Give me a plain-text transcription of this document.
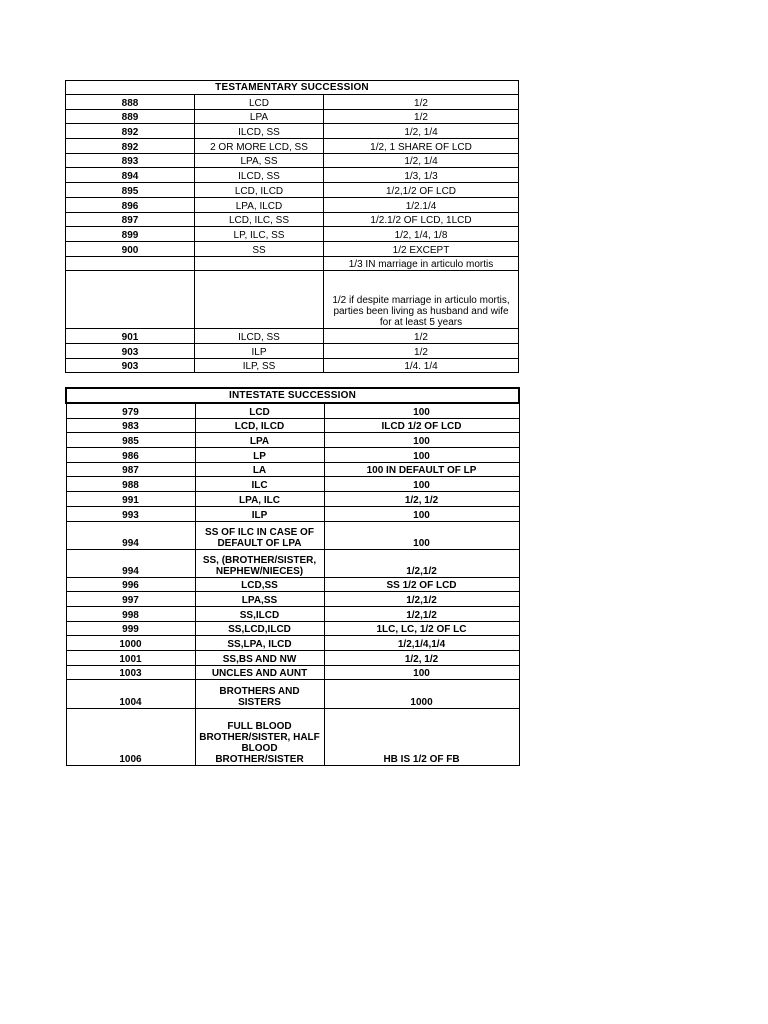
TESTAMENTARY SUCCESSION		
888	LCD	1/2
889	LPA	1/2
892	ILCD, SS	1/2, 1/4
892	2 OR MORE LCD, SS	1/2, 1 SHARE OF LCD
893	LPA, SS	1/2, 1/4
894	ILCD, SS	1/3, 1/3
895	LCD, ILCD	1/2,1/2 OF LCD
896	LPA, ILCD	1/2.1/4
897	LCD, ILC, SS	1/2.1/2 OF LCD, 1LCD
899	LP, ILC, SS	1/2, 1/4, 1/8
900	SS	1/2 EXCEPT
		1/3 IN marriage in articulo mortis
		1/2 if despite marriage in articulo mortis, parties been living as husband and wife for at least 5 years
901	ILCD, SS	1/2
903	ILP	1/2
903	ILP, SS	1/4. 1/4
INTESTATE SUCCESSION		
979	LCD	100
983	LCD, ILCD	ILCD 1/2 OF LCD
985	LPA	100
986	LP	100
987	LA	100 IN DEFAULT OF LP
988	ILC	100
991	LPA, ILC	1/2, 1/2
993	ILP	100
994	SS OF ILC IN CASE OF DEFAULT OF LPA	100
994	SS, (BROTHER/SISTER, NEPHEW/NIECES)	1/2,1/2
996	LCD,SS	SS 1/2 OF LCD
997	LPA,SS	1/2,1/2
998	SS,ILCD	1/2,1/2
999	SS,LCD,ILCD	1LC, LC, 1/2 OF LC
1000	SS,LPA, ILCD	1/2,1/4,1/4
1001	SS,BS AND NW	1/2, 1/2
1003	UNCLES AND AUNT	100
1004	BROTHERS AND SISTERS	1000
1006	FULL BLOOD BROTHER/SISTER, HALF BLOOD BROTHER/SISTER	HB IS 1/2 OF FB
